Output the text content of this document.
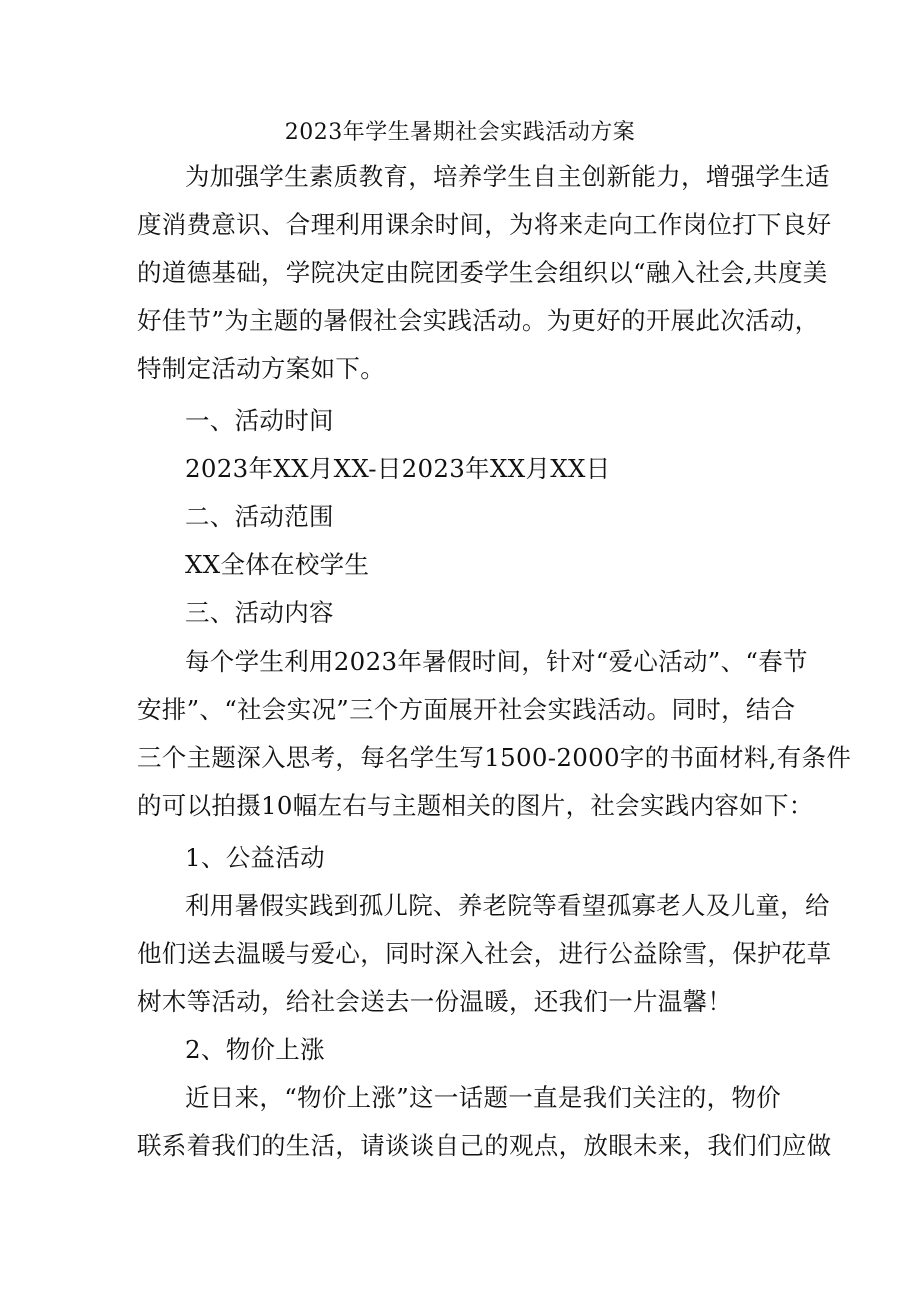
2023年学生暑期社会实践活动方案
为加强学生素质教育，培养学生自主创新能力，增强学生适
度消费意识、合理利用课余时间，为将来走向工作岗位打下良好
的道德基础，学院决定由院团委学生会组织以“融入社会,共度美
好佳节”为主题的暑假社会实践活动。为更好的开展此次活动，
特制定活动方案如下。
一、活动时间
2023年XX月XX-日2023年XX月XX日
二、活动范围
XX全体在校学生
三、活动内容
每个学生利用2023年暑假时间，针对“爱心活动”、“春节
安排”、“社会实况”三个方面展开社会实践活动。同时，结合
三个主题深入思考，每名学生写1500-2000字的书面材料,有条件
的可以拍摄10幅左右与主题相关的图片，社会实践内容如下：
1、公益活动
利用暑假实践到孤儿院、养老院等看望孤寡老人及儿童，给
他们送去温暖与爱心，同时深入社会，进行公益除雪，保护花草
树木等活动，给社会送去一份温暖，还我们一片温馨！
2、物价上涨
近日来，“物价上涨”这一话题一直是我们关注的，物价
联系着我们的生活，请谈谈自己的观点，放眼未来，我们们应做
